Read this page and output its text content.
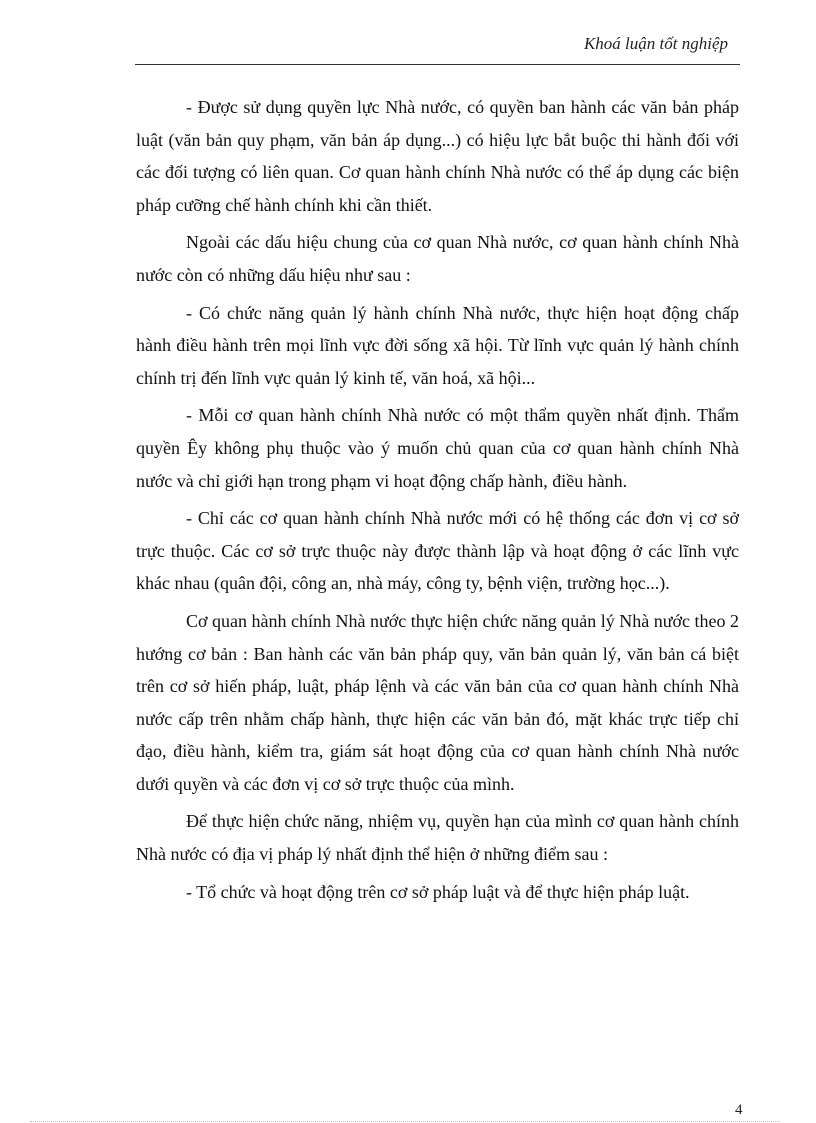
Khoá luận tốt nghiệp

- Được sử dụng quyền lực Nhà nước, có quyền ban hành các văn bản pháp luật (văn bản quy phạm, văn bản áp dụng...) có hiệu lực bắt buộc thi hành đối với các đối tượng có liên quan. Cơ quan hành chính Nhà nước có thể áp dụng các biện pháp cưỡng chế hành chính khi cần thiết.

Ngoài các dấu hiệu chung của cơ quan Nhà nước, cơ quan hành chính Nhà nước còn có những dấu hiệu như sau :

- Có chức năng quản lý hành chính Nhà nước, thực hiện hoạt động chấp hành điều hành trên mọi lĩnh vực đời sống xã hội. Từ lĩnh vực quản lý hành chính chính trị đến lĩnh vực quản lý kinh tế, văn hoá, xã hội...

- Mỗi cơ quan hành chính Nhà nước có một thẩm quyền nhất định. Thẩm quyền Êy không phụ thuộc vào ý muốn chủ quan của cơ quan hành chính Nhà nước và chỉ giới hạn trong phạm vi hoạt động chấp hành, điều hành.

- Chỉ các cơ quan hành chính Nhà nước mới có hệ thống các đơn vị cơ sở trực thuộc. Các cơ sở trực thuộc này được thành lập và hoạt động ở các lĩnh vực khác nhau (quân đội, công an, nhà máy, công ty, bệnh viện, trường học...).

Cơ quan hành chính Nhà nước thực hiện chức năng quản lý Nhà nước theo 2 hướng cơ bản : Ban hành các văn bản pháp quy, văn bản quản lý, văn bản cá biệt trên cơ sở hiến pháp, luật, pháp lệnh và các văn bản của cơ quan hành chính Nhà nước cấp trên nhằm chấp hành, thực hiện các văn bản đó, mặt khác trực tiếp chỉ đạo, điều hành, kiểm tra, giám sát hoạt động của cơ quan hành chính Nhà nước dưới quyền và các đơn vị cơ sở trực thuộc của mình.

Để thực hiện chức năng, nhiệm vụ, quyền hạn của mình cơ quan hành chính Nhà nước có địa vị pháp lý nhất định thể hiện ở những điểm sau :

- Tổ chức và hoạt động trên cơ sở pháp luật và để thực hiện pháp luật.

4
